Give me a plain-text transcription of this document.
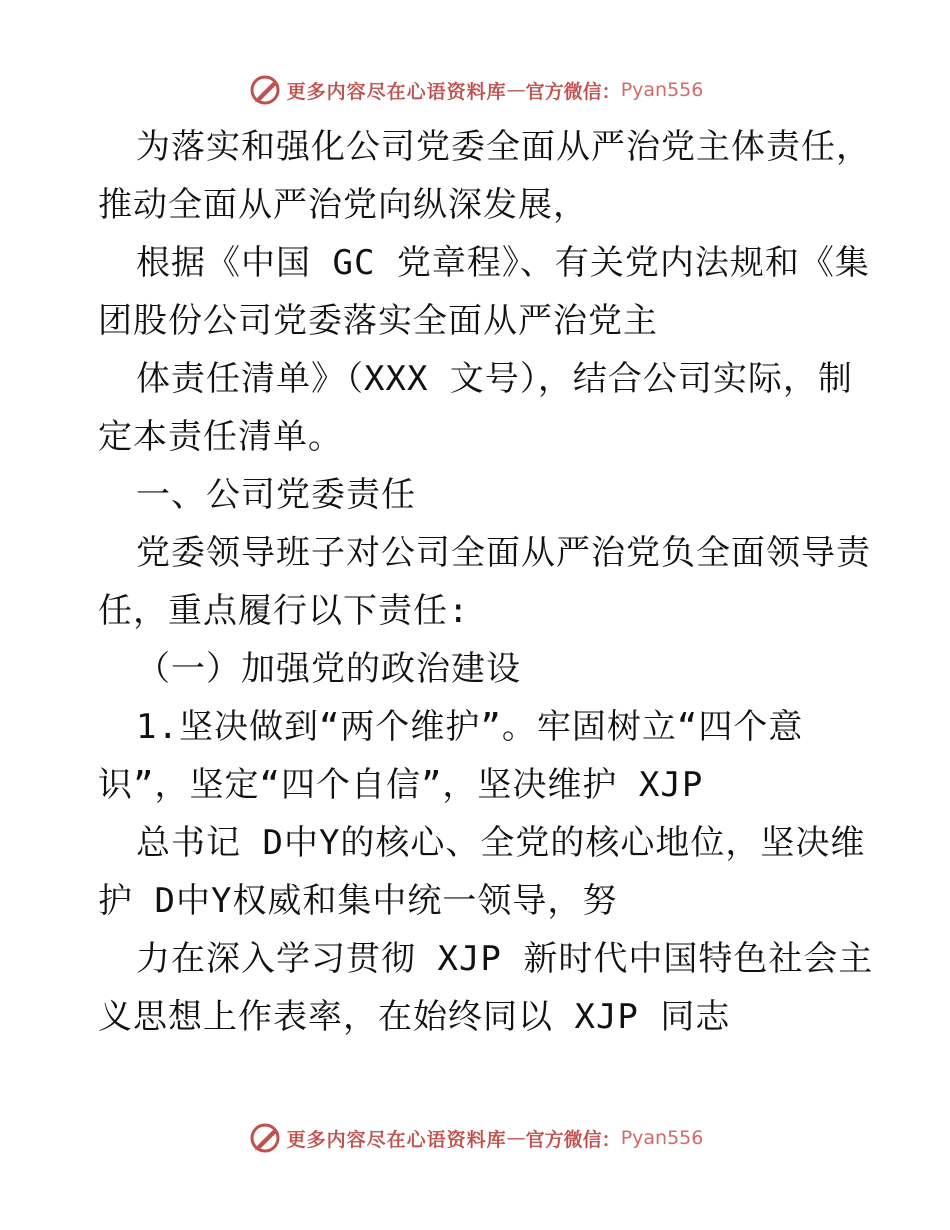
更多内容尽在心语资料库 — 官方微信： Pyan556
为落实和强化公司党委全面从严治党主体责任，
推动全面从严治党向纵深发展，
根据《中国 GC 党章程》、有关党内法规和《集
团股份公司党委落实全面从严治党主
体责任清单》（XXX 文号），结合公司实际，制
定本责任清单。
一、公司党委责任
党委领导班子对公司全面从严治党负全面领导责
任，重点履行以下责任:
（一）加强党的政治建设
1.坚决做到“两个维护”。牢固树立“四个意
识”，坚定“四个自信”，坚决维护 XJP
总书记 D中Y的核心、全党的核心地位，坚决维
护 D中Y权威和集中统一领导，努
力在深入学习贯彻 XJP 新时代中国特色社会主
义思想上作表率，在始终同以 XJP 同志
更多内容尽在心语资料库 — 官方微信： Pyan556
